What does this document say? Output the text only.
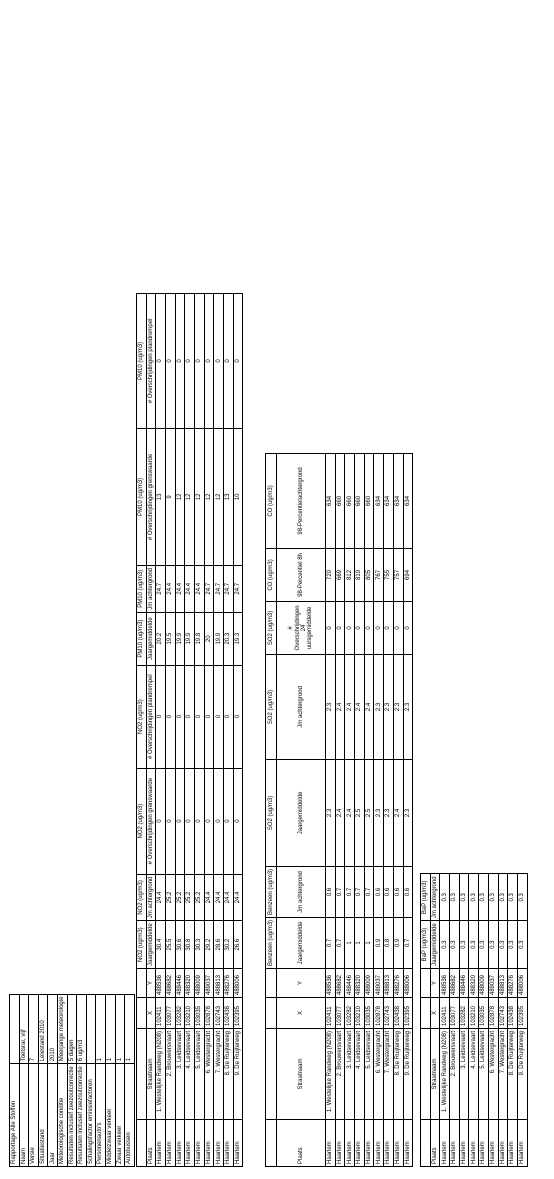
Rapportage Alle Stoffen	
Naam	Toetsrar, vijf
Versie	7
Situatiestand	Lelestand 2010
Jaar	2010
Meteorologische conditie	Meerjarige meteorologie
Resultaten inclusief zeezoutcorrectie	5 dagen
Resultaten inclusief zeezoutcorrectie	6 ug/m3
Schalingsfactor emissiefactoren	
Personenauto's	1
Middelzwaar verkeer	1
Zwaar verkeer	1
Autobussen	1
				NO2 (ug/m3)	NO2 (ug/m3)	NO2 (ug/m3)	NO2 (ug/m3)	PM10 (ug/m3)	PM10 (ug/m3)	PM10 (ug/m3)	PM10 (ug/m3)
Plaats	Straatnaam	X	Y	Jaargemiddelde	Jm achtergrond	# Overschrijdingen grenswaarde	# Overschrijdingen plandrempel	Jaargemiddelde	Jm achtergrond	# Overschrijdingen grenswaarde	# Overschrijdingen plandrempel
Haarlem	1. Westelijke Randweg (N208)	102411	488536	30.4	24.4	0	0	20.2	24.7	13	0
Haarlem	2. Brouwersvaart	103077	488682	25.5	25.2	0	0	19.5	24.4	9	0
Haarlem	3. Leidsevaart	103282	488446	30.6	25.2	0	0	19.9	24.4	12	0
Haarlem	4. Leidsevaart	103210	488320	30.8	25.2	0	0	19.9	24.4	12	0
Haarlem	5. Leidsevaart	103035	488009	30.3	25.2	0	0	19.8	24.4	12	0
Haarlem	6. Westergracht	102878	489037	29.2	24.4	0	0	20	24.7	12	0
Haarlem	7. Westergracht	102743	488813	28.6	24.4	0	0	19.9	24.7	12	0
Haarlem	8. De Ruijterweg	102438	488276	30.2	24.4	0	0	20.3	24.7	13	0
Haarlem	9. De Ruijterweg	102395	488006	26.6	24.4	0	0	19.3	24.7	10	0
				Benzeen (ug/m3)	Benzeen (ug/m3)	SO2 (ug/m3)	SO2 (ug/m3)	SO2 (ug/m3)	CO (ug/m3)	CO (ug/m3)
Plaats	Straatnaam	X	Y	Jaargemiddelde	Jm achtergrond	Jaargemiddelde	Jm achtergrond	# Overschrijdingen 24 uursgemiddelde	98-Percentiel 8h	98-Percentielachtergrond
Haarlem	1. Westelijke Randweg (N208)	102411	488536	0.7	0.6	2.3	2.3	0	720	634
Haarlem	2. Brouwersvaart	103077	488682	0.7	0.7	2.4	2.4	0	669	660
Haarlem	3. Leidsevaart	103282	488446	1	0.7	2.4	2.4	0	812	660
Haarlem	4. Leidsevaart	103210	488320	1	0.7	2.5	2.4	0	819	660
Haarlem	5. Leidsevaart	103035	488009	1	0.7	2.5	2.4	0	805	660
Haarlem	6. Westergracht	102878	489037	0.9	0.6	2.3	2.3	0	767	634
Haarlem	7. Westergracht	102743	488813	0.8	0.6	2.3	2.3	0	755	634
Haarlem	8. De Ruijterweg	102438	488276	0.9	0.6	2.4	2.3	0	757	634
Haarlem	9. De Ruijterweg	102395	488006	0.7	0.6	2.3	2.3	0	694	634
				BaP (ug/m3)	BaP (ug/m3)
Plaats	Straatnaam	X	Y	Jaargemiddelde	Jm achtergrond
Haarlem	1. Westelijke Randweg (N208)	102411	488536	0.3	0.3
Haarlem	2. Brouwersvaart	103077	488682	0.3	0.3
Haarlem	3. Leidsevaart	103282	488446	0.3	0.3
Haarlem	4. Leidsevaart	103210	488320	0.3	0.3
Haarlem	5. Leidsevaart	103035	488009	0.3	0.3
Haarlem	6. Westergracht	102878	489037	0.3	0.3
Haarlem	7. Westergracht	102743	488813	0.3	0.3
Haarlem	8. De Ruijterweg	102438	488276	0.3	0.3
Haarlem	9. De Ruijterweg	102395	488006	0.3	0.3
